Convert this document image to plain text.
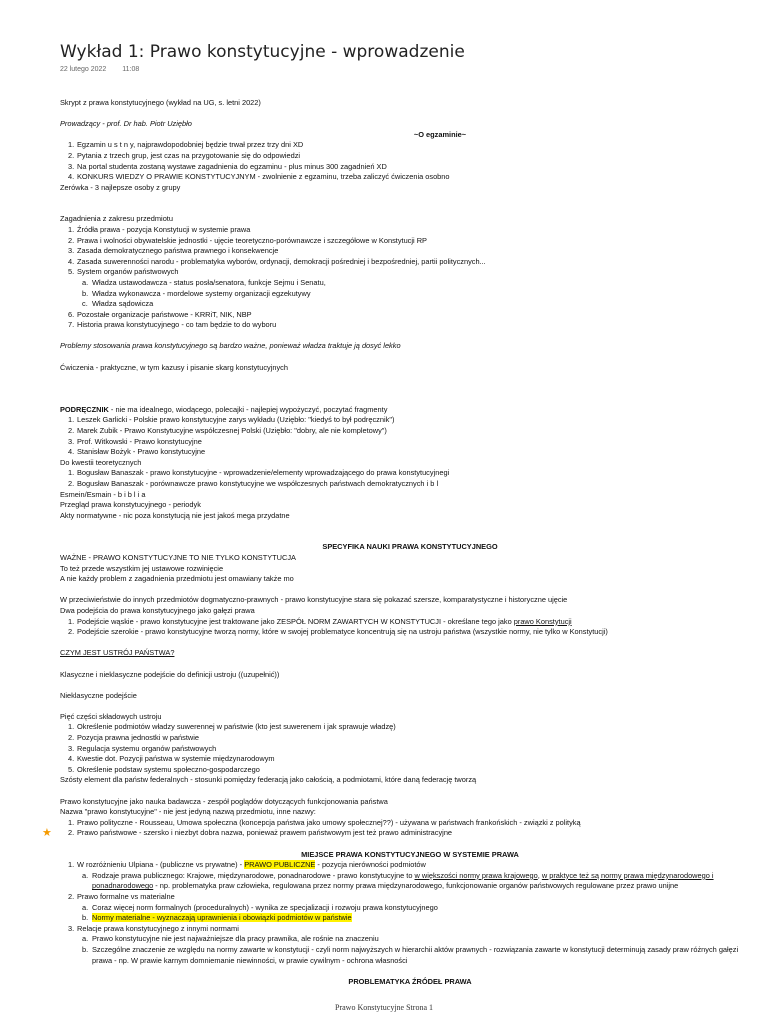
Wykład 1: Prawo konstytucyjne - wprowadzenie
22 lutego 2022 11:08
★

Skrypt z prawa konstytucyjnego (wykład na UG, s. letni 2022)

Prowadzący - prof. Dr hab. Piotr Uziębło

~O egzaminie~

1. Egzamin u s t n y, najprawdopodobniej będzie trwał przez trzy dni XD
2. Pytania z trzech grup, jest czas na przygotowanie się do odpowiedzi
3. Na portal studenta zostaną wystawe zagadnienia do egzaminu - plus minus 300 zagadnień XD
4. KONKURS WIEDZY O PRAWIE KONSTYTUCYJNYM - zwolnienie z egzaminu, trzeba zaliczyć ćwiczenia osobno

Zerówka - 3 najlepsze osoby z grupy

Zagadnienia z zakresu przedmiotu

1. Źródła prawa - pozycja Konstytucji w systemie prawa
2. Prawa i wolności obywatelskie jednostki - ujęcie teoretyczno-porównawcze i szczegółowe w Konstytucji RP
3. Zasada demokratycznego państwa prawnego i konsekwencje
4. Zasada suwerenności narodu - problematyka wyborów, ordynacji, demokracji pośredniej i bezpośredniej, partii politycznych...
5. System organów państwowych
a. Władza ustawodawcza - status posła/senatora, funkcje Sejmu i Senatu,
b. Władza wykonawcza - mordelowe systemy organizacji egzekutywy
c. Władza sądowicza
6. Pozostałe organizacje państwowe - KRRiT, NIK, NBP
7. Historia prawa konstytucyjnego - co tam będzie to do wyboru

Problemy stosowania prawa konstytucyjnego są bardzo ważne, ponieważ władza traktuje ją dosyć lekko

Ćwiczenia - praktyczne, w tym kazusy i pisanie skarg konstytucyjnych

PODRĘCZNIK - nie ma idealnego, wiodącego, polecajki - najlepiej wypożyczyć, poczytać fragmenty

1. Leszek Garlicki - Polskie prawo konstytucyjne zarys wykładu (Uziębło: "kiedyś to był podręcznik")
2. Marek Zubik - Prawo Konstytucyjne współczesnej Polski (Uziębło: "dobry, ale nie kompletowy")
3. Prof. Witkowski - Prawo konstytucyjne
4. Stanisław Bożyk - Prawo konstytucyjne

Do kwestii teoretycznych

1. Bogusław Banaszak - prawo konstytucyjne - wprowadzenie/elementy wprowadzającego do prawa konstytucyjnegi
2. Bogusław Banaszak - porównawcze prawo konstytucyjne we współczesnych państwach demokratycznych i b l

Esmein/Esmain - b i b l i a

Przegląd prawa konstytucyjnego - periodyk

Akty normatywne - nic poza konstytucją nie jest jakoś mega przydatne

SPECYFIKA NAUKI PRAWA KONSTYTUCYJNEGO

WAŻNE - PRAWO KONSTYTUCYJNE TO NIE TYLKO KONSTYTUCJA

To też przede wszystkim jej ustawowe rozwinięcie

A nie każdy problem z zagadnienia przedmiotu jest omawiany także mo

W przeciwieństwie do innych przedmiotów dogmatyczno-prawnych - prawo konstytucyjne stara się pokazać szersze, komparatystyczne i historyczne ujęcie

Dwa podejścia do prawa konstytucyjnego jako gałęzi prawa

1. Podejście wąskie - prawo konstytucyjne jest traktowane jako ZESPÓŁ NORM ZAWARTYCH W KONSTYTUCJI - określane tego jako prawo Konstytucji
2. Podejście szerokie - prawo konstytucyjne tworzą normy, które w swojej problematyce koncentrują się na ustroju państwa (wszystkie normy, nie tylko w Konstytucji)

CZYM JEST USTRÓJ PAŃSTWA?

Klasyczne i nieklasyczne podejście do definicji ustroju ((uzupełnić))

Nieklasyczne podejście

Pięć części składowych ustroju

1. Określenie podmiotów władzy suwerennej w państwie (kto jest suwerenem i jak sprawuje władzę)
2. Pozycja prawna jednostki w państwie
3. Regulacja systemu organów państwowych
4. Kwestie dot. Pozycji państwa w systemie międzynarodowym
5. Określenie podstaw systemu społeczno-gospodarczego

Szósty element dla państw federalnych - stosunki pomiędzy federacją jako całością, a podmiotami, które daną federację tworzą

Prawo konstytucyjne jako nauka badawcza - zespół poglądów dotyczących funkcjonowania państwa

Nazwa "prawo konstytucyjne" - nie jest jedyną nazwą przedmiotu, inne nazwy:

1. Prawo polityczne - Rousseau, Umowa społeczna (koncepcja państwa jako umowy społecznej??) - używana w państwach frankońskich - związki z polityką
2. Prawo państwowe - szersko i niezbyt dobra nazwa, ponieważ prawem państwowym jest też prawo administracyjne

MIEJSCE PRAWA KONSTYTUCYJNEGO W SYSTEMIE PRAWA

1. W rozróżnieniu Ulpiana - (publiczne vs prywatne) - PRAWO PUBLICZNE - pozycja nierówności podmiotów
a. Rodzaje prawa publicznego: Krajowe, międzynarodowe, ponadnarodowe - prawo konstytucyjne to w większości normy prawa krajowego, w praktyce też są normy prawa międzynarodowego i ponadnarodowego - np. problematyka praw człowieka, regulowana przez normy prawa międzynarodowego, funkcjonowanie organów państwowych regulowane przez prawo unijne
2. Prawo formalne vs materialne
a. Coraz więcej norm formalnych (proceduralnych) - wynika ze specjalizacji i rozwoju prawa konstytucyjnego
b. Normy materialne - wyznaczają uprawnienia i obowiązki podmiotów w państwie
3. Relacje prawa konstytucyjnego z innymi normami
a. Prawo konstytucyjne nie jest najważniejsze dla pracy prawnika, ale rośnie na znaczeniu
b. Szczególne znaczenie ze względu na normy zawarte w konstytucji - czyli norm najwyższych w hierarchii aktów prawnych - rozwiązania zawarte w konstytucji determinują zasady praw różnych gałęzi prawa - np. W prawie karnym domniemanie niewinności, w prawie cywilnym - ochrona własności

PROBLEMATYKA ŹRÓDEŁ PRAWA

Prawo Konstytucyjne Strona 1
